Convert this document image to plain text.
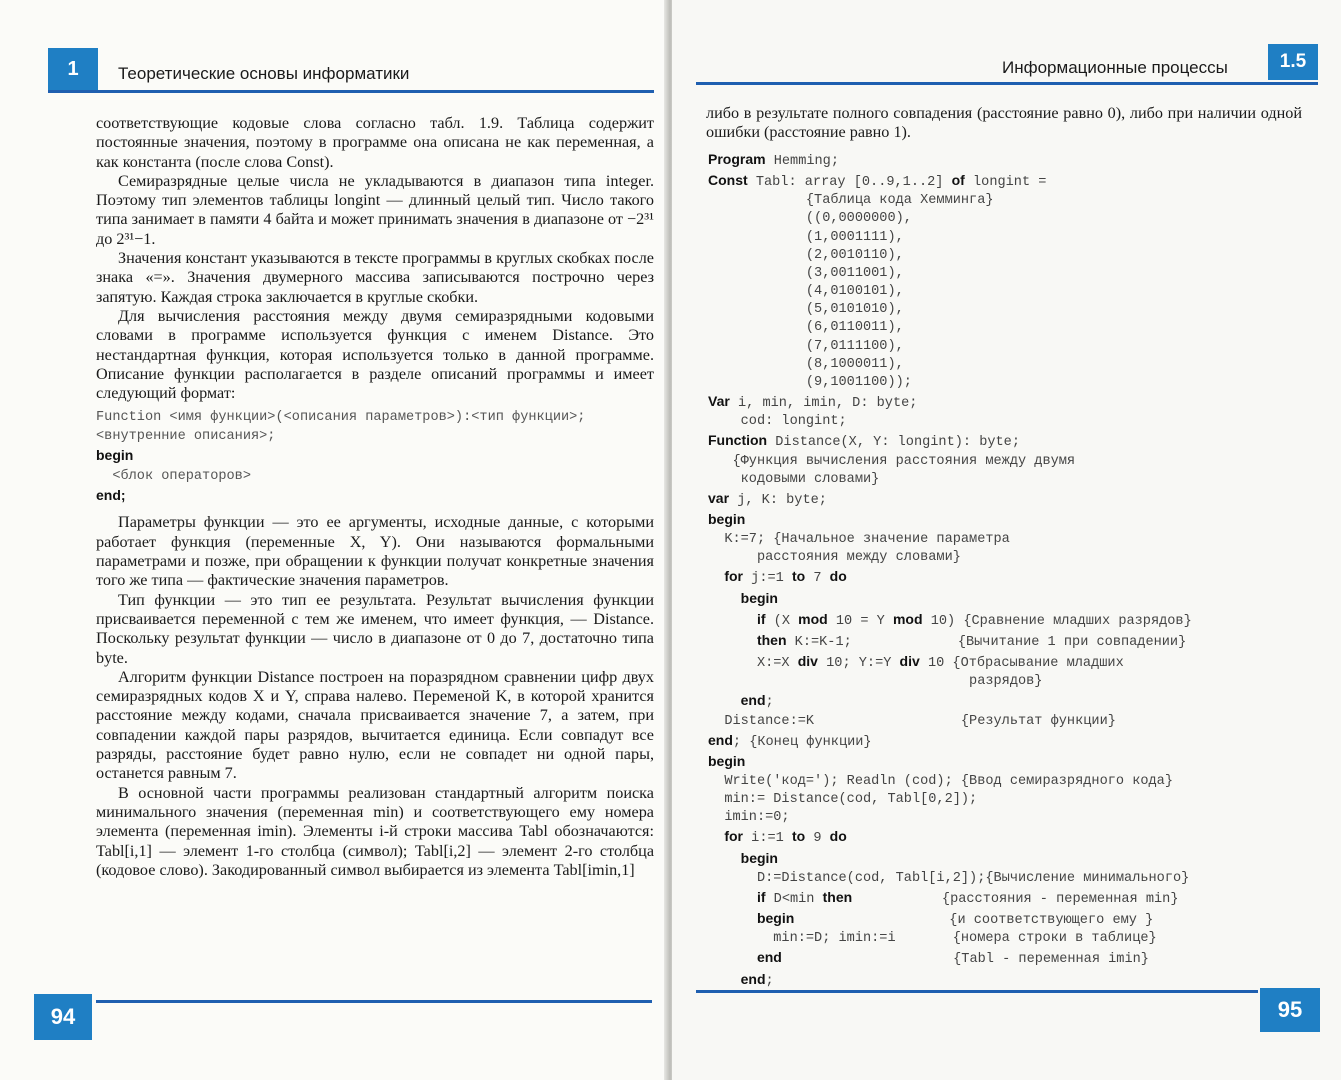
1	Теоретические основы информатики

соответствующие кодовые слова согласно табл. 1.9. Таблица содержит постоянные значения, поэтому в программе она описана не как переменная, а как константа (после слова Const).

Семиразрядные целые числа не укладываются в диапазон типа integer. Поэтому тип элементов таблицы longint — длинный целый тип. Число такого типа занимает в памяти 4 байта и может принимать значения в диапазоне от −2³¹ до 2³¹−1.

Значения констант указываются в тексте программы в круглых скобках после знака «=». Значения двумерного массива записываются построчно через запятую. Каждая строка заключается в круглые скобки.

Для вычисления расстояния между двумя семиразрядными кодовыми словами в программе используется функция с именем Distance. Это нестандартная функция, которая используется только в данной программе. Описание функции располагается в разделе описаний программы и имеет следующий формат:

Function <имя функции>(<описания параметров>):<тип функции>;
<внутренние описания>;
begin
<блок операторов>
end;

Параметры функции — это ее аргументы, исходные данные, с которыми работает функция (переменные X, Y). Они называются формальными параметрами и позже, при обращении к функции получат конкретные значения того же типа — фактические значения параметров.

Тип функции — это тип ее результата. Результат вычисления функции присваивается переменной с тем же именем, что имеет функция, — Distance. Поскольку результат функции — число в диапазоне от 0 до 7, достаточно типа byte.

Алгоритм функции Distance построен на поразрядном сравнении цифр двух семиразрядных кодов X и Y, справа налево. Переменой K, в которой хранится расстояние между кодами, сначала присваивается значение 7, а затем, при совпадении каждой пары разрядов, вычитается единица. Если совпадут все разряды, расстояние будет равно нулю, если не совпадет ни одной пары, останется равным 7.

В основной части программы реализован стандартный алгоритм поиска минимального значения (переменная min) и соответствующего ему номера элемента (переменная imin). Элементы i-й строки массива Tabl обозначаются: Tabl[i,1] — элемент 1-го столбца (символ); Tabl[i,2] — элемент 2-го столбца (кодовое слово). Закодированный символ выбирается из элемента Tabl[imin,1]

94
Информационные процессы	1.5

либо в результате полного совпадения (расстояние равно 0), либо при наличии одной ошибки (расстояние равно 1).

Program Hemming;
Const Tabl: array [0..9,1..2] of longint =
{Таблица кода Хемминга}
((0,0000000),
(1,0001111),
(2,0010110),
(3,0011001),
(4,0100101),
(5,0101010),
(6,0110011),
(7,0111100),
(8,1000011),
(9,1001100));
Var i, min, imin, D: byte;
cod: longint;
Function Distance(X, Y: longint): byte;
{Функция вычисления расстояния между двумя
кодовыми словами}
var j, K: byte;
begin
K:=7; {Начальное значение параметра
расстояния между словами}
for j:=1 to 7 do
begin
if (X mod 10 = Y mod 10) {Сравнение младших разрядов}
then K:=K-1;             {Вычитание 1 при совпадении}
X:=X div 10; Y:=Y div 10 {Отбрасывание младших
разрядов}
end;
Distance:=K                  {Результат функции}
end; {Конец функции}
begin
Write('код='); Readln (cod); {Ввод семиразрядного кода}
min:= Distance(cod, Tabl[0,2]);
imin:=0;
for i:=1 to 9 do
begin
D:=Distance(cod, Tabl[i,2]);{Вычисление минимального}
if D<min then           {расстояния - переменная min}
begin                   {и соответствующего ему }
min:=D; imin:=i       {номера строки в таблице}
end                     {Tabl - переменная imin}
end;
95
